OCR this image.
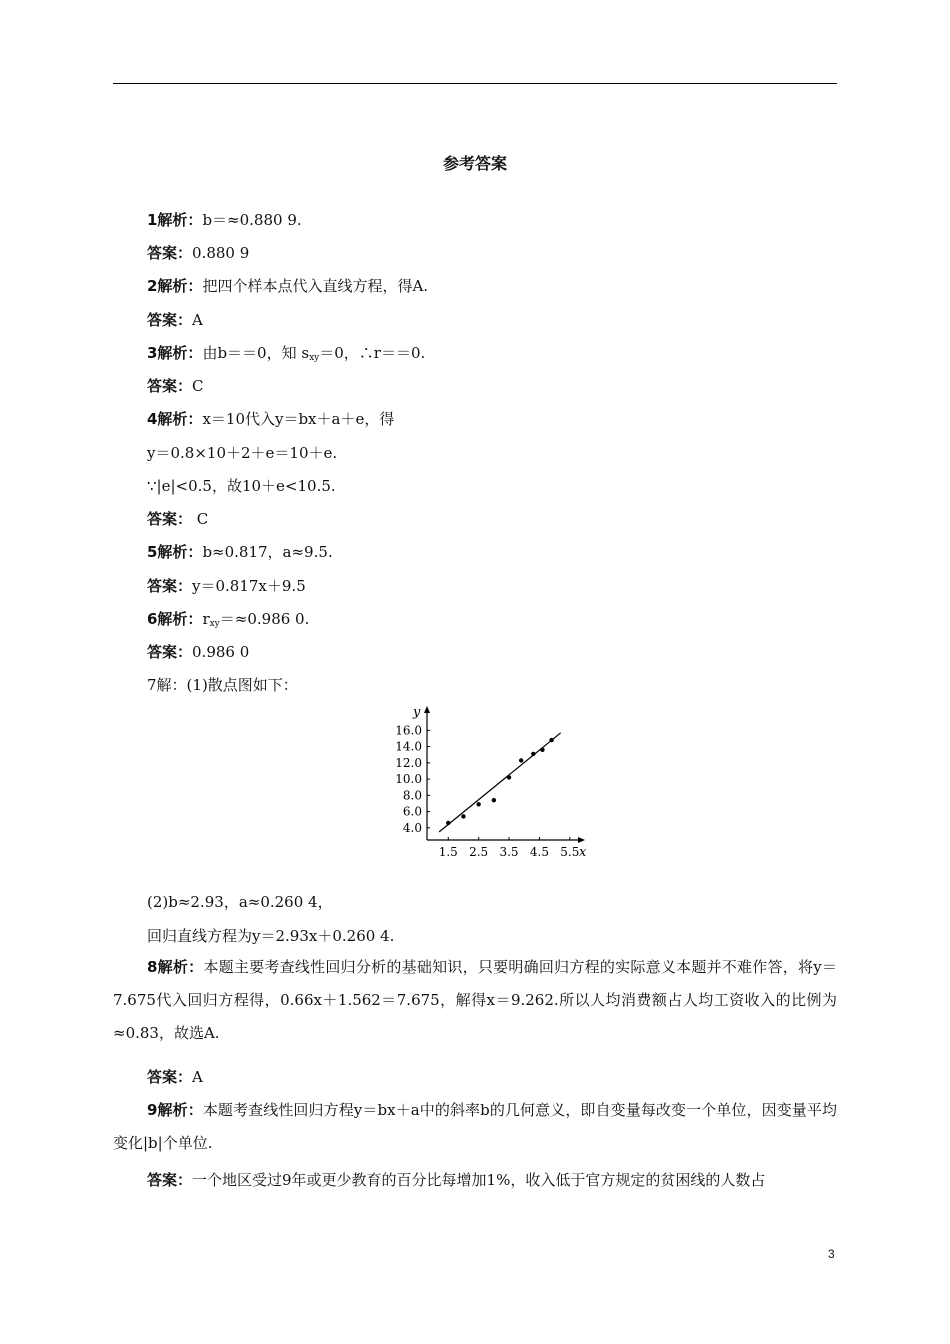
参考答案
1解析：b＝≈0.880 9.
答案：0.880 9
2解析：把四个样本点代入直线方程，得A.
答案：A
3解析：由b＝＝0，知 $s_{xy}=0$，∴r＝＝0.
答案：C
4解析：x＝10代入y＝bx＋a＋e，得
y＝0.8×10＋2＋e＝10＋e.
∵|e|<0.5，故10＋e<10.5.
答案： C
5解析：b≈0.817，a≈9.5.
答案：y＝0.817x＋9.5
6解析：$r_{xy}=\approx 0.986$ 0.
答案：0.986 0
7解：(1)散点图如下：
x
y
1.5 2.5 3.5 4.5 5.5
4.0
6.0
8.0
10.0
12.0
14.0
16.0
(2)b≈2.93，a≈0.260 4，
回归直线方程为y＝2.93x＋0.260 4.
8解析：本题主要考查线性回归分析的基础知识，只要明确回归方程的实际意义本题并不难作答，将y＝7.675代入回归方程得，0.66x＋1.562＝7.675，解得x＝9.262.所以人均消费额占人均工资收入的比例为≈0.83，故选A.
答案：A
9解析：本题考查线性回归方程y＝bx＋a中的斜率b的几何意义，即自变量每改变一个单位，因变量平均变化|b|个单位.
答案：一个地区受过9年或更少教育的百分比每增加1%，收入低于官方规定的贫困线的人数占
3
